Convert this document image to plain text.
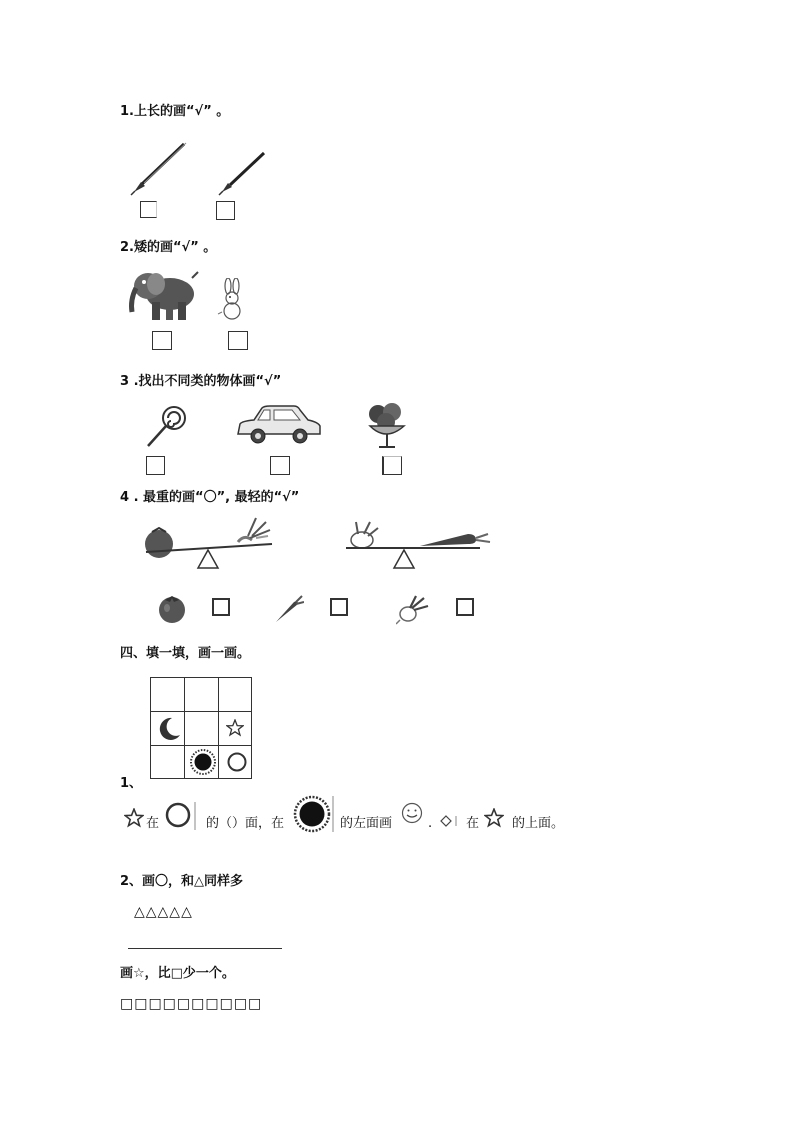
1.上长的画“√” 。
2.矮的画“√” 。
3 .找出不同类的物体画“√”
4 . 最重的画“〇”, 最轻的“√”
四、填一填，画一画。
1、
在	的（）面，在	的左面画	.	在	的上面。
2、画〇，和△同样多
△△△△△
画☆，比□少一个。
□□□□□□□□□□
